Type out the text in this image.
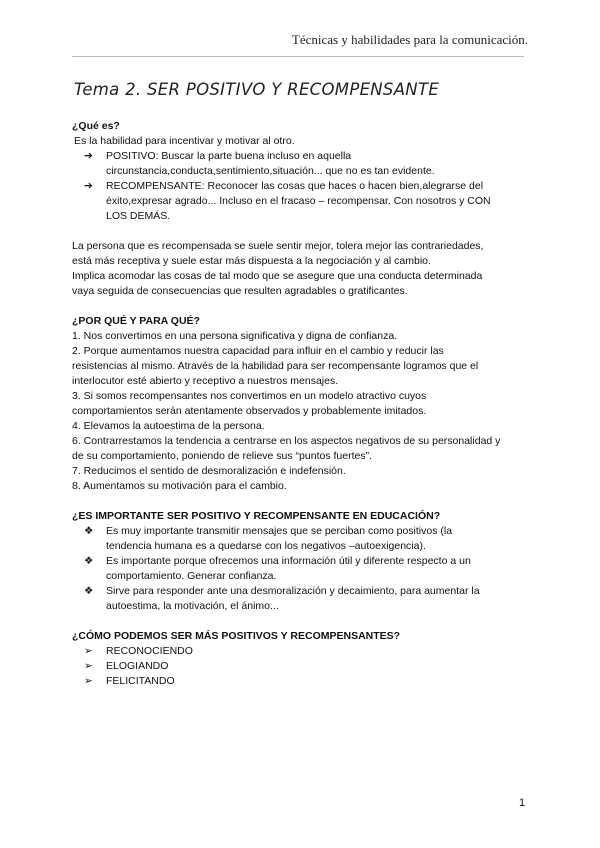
Técnicas y habilidades para la comunicación.
Tema 2. SER POSITIVO Y RECOMPENSANTE

¿Qué es?

Es la habilidad para incentivar y motivar al otro.

➔ POSITIVO: Buscar la parte buena incluso en aquella
circunstancia,conducta,sentimiento,situación... que no es tan evidente.
➔ RECOMPENSANTE: Reconocer las cosas que haces o hacen bien,alegrarse del
éxito,expresar agrado... Incluso en el fracaso – recompensar. Con nosotros y CON
LOS DEMÁS.

La persona que es recompensada se suele sentir mejor, tolera mejor las contrariedades,

está más receptiva y suele estar más dispuesta a la negociación y al cambio.

Implica acomodar las cosas de tal modo que se asegure que una conducta determinada

vaya seguida de consecuencias que resulten agradables o gratificantes.

¿POR QUÉ Y PARA QUÉ?

1. Nos convertimos en una persona significativa y digna de confianza.

2. Porque aumentamos nuestra capacidad para influir en el cambio y reducir las

resistencias al mismo. Através de la habilidad para ser recompensante logramos que el

interlocutor esté abierto y receptivo a nuestros mensajes.

3. Si somos recompensantes nos convertimos en un modelo atractivo cuyos

comportamientos serán atentamente observados y probablemente imitados.

4. Elevamos la autoestima de la persona.

6. Contrarrestamos la tendencia a centrarse en los aspectos negativos de su personalidad y

de su comportamiento, poniendo de relieve sus “puntos fuertes”.

7. Reducimos el sentido de desmoralización e indefensión.

8. Aumentamos su motivación para el cambio.

¿ES IMPORTANTE SER POSITIVO Y RECOMPENSANTE EN EDUCACIÓN?

❖ Es muy importante transmitir mensajes que se perciban como positivos (la
tendencia humana es a quedarse con los negativos –autoexigencia).
❖ Es importante porque ofrecemos una información útil y diferente respecto a un
comportamiento. Generar confianza.
❖ Sirve para responder ante una desmoralización y decaimiento, para aumentar la
autoestima, la motivación, el ánimo...

¿CÓMO PODEMOS SER MÁS POSITIVOS Y RECOMPENSANTES?

➢ RECONOCIENDO
➢ ELOGIANDO
➢ FELICITANDO
1
